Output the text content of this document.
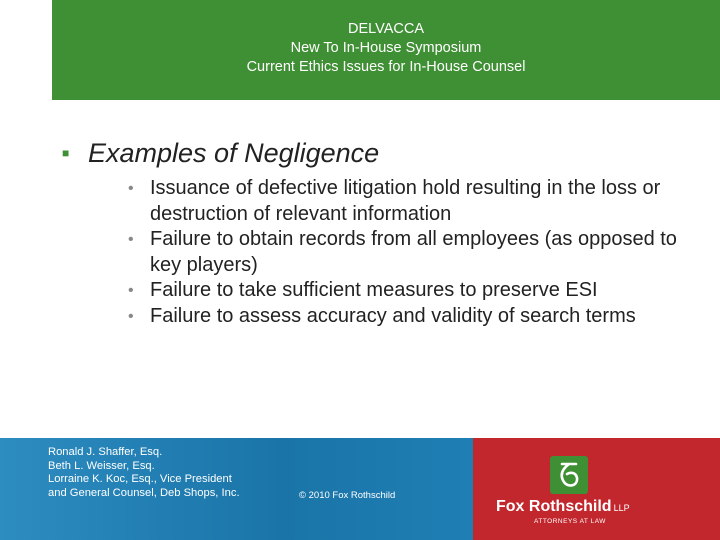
DELVACCA
New To In-House Symposium
Current Ethics Issues for In-House Counsel
■ Examples of Negligence
• Issuance of defective litigation hold resulting in the loss or destruction of relevant information
• Failure to obtain records from all employees (as opposed to key players)
• Failure to take sufficient measures to preserve ESI
• Failure to assess accuracy and validity of search terms
Ronald J. Shaffer, Esq.
Beth L. Weisser, Esq.
Lorraine K. Koc, Esq., Vice President
and General Counsel, Deb Shops, Inc.	© 2010 Fox Rothschild
Fox Rothschild LLP
ATTORNEYS AT LAW
